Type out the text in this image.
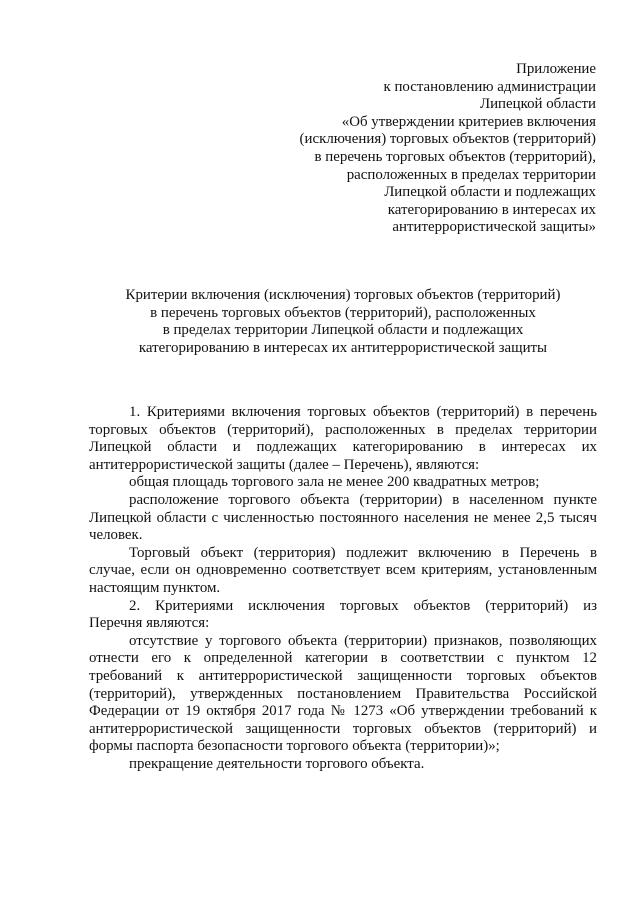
Приложение
к постановлению администрации
Липецкой области
«Об утверждении критериев включения
(исключения) торговых объектов (территорий)
в перечень торговых объектов (территорий),
расположенных в пределах территории
Липецкой области и подлежащих
категорированию в интересах их
антитеррористической защиты»
Критерии включения (исключения) торговых объектов (территорий)
в перечень торговых объектов (территорий), расположенных
в пределах территории Липецкой области и подлежащих
категорированию в интересах их антитеррористической защиты
1. Критериями включения торговых объектов (территорий) в перечень
торговых объектов (территорий), расположенных в пределах территории
Липецкой области и подлежащих категорированию в интересах их
антитеррористической защиты (далее – Перечень), являются:
общая площадь торгового зала не менее 200 квадратных метров;
расположение торгового объекта (территории) в населенном пункте
Липецкой области с численностью постоянного населения не менее 2,5 тысяч
человек.
Торговый объект (территория) подлежит включению в Перечень в
случае, если он одновременно соответствует всем критериям, установленным
настоящим пунктом.
2. Критериями исключения торговых объектов (территорий) из
Перечня являются:
отсутствие у торгового объекта (территории) признаков, позволяющих
отнести его к определенной категории в соответствии с пунктом 12
требований к антитеррористической защищенности торговых объектов
(территорий), утвержденных постановлением Правительства Российской
Федерации от 19 октября 2017 года № 1273 «Об утверждении требований к
антитеррористической защищенности торговых объектов (территорий) и
формы паспорта безопасности торгового объекта (территории)»;
прекращение деятельности торгового объекта.
